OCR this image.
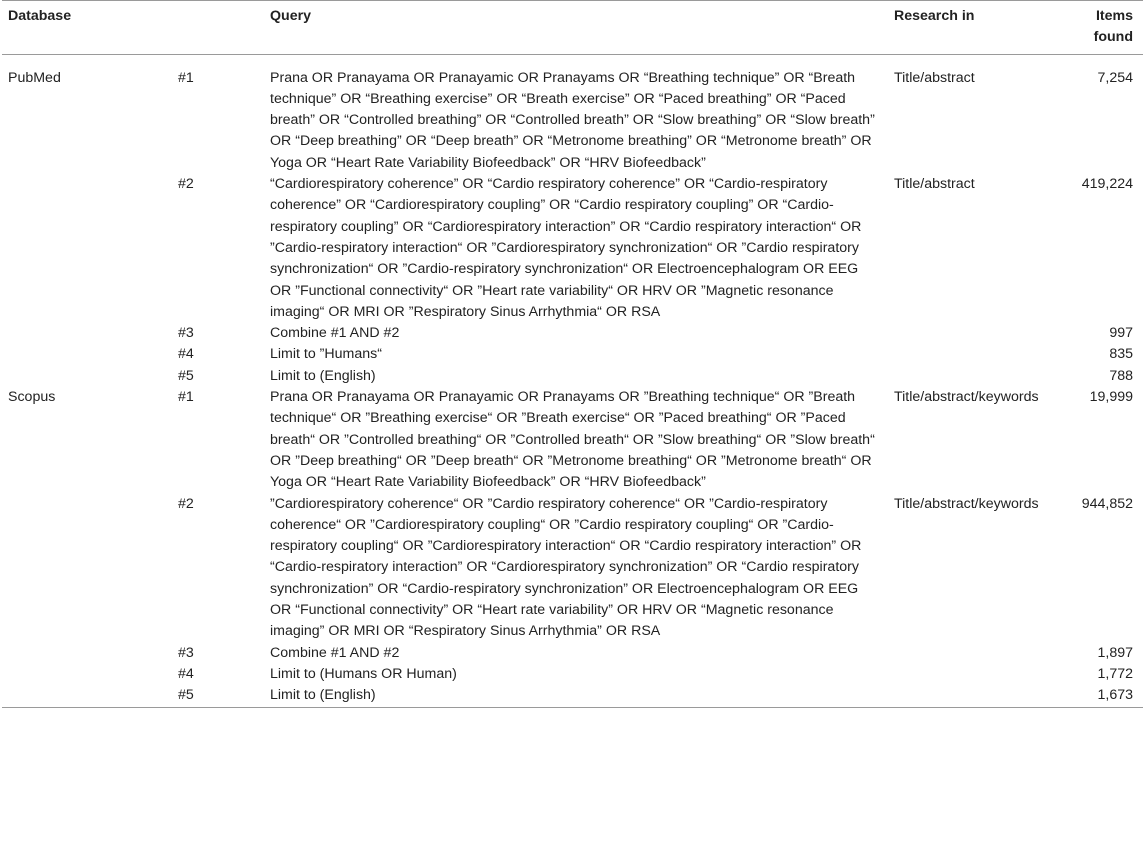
Database		Query	Research in	Items
found
PubMed	#1	Prana OR Pranayama OR Pranayamic OR Pranayams OR “Breathing technique” OR “Breath technique” OR “Breathing exercise” OR “Breath exercise” OR “Paced breathing” OR “Paced breath” OR “Controlled breathing” OR “Controlled breath” OR “Slow breathing” OR “Slow breath” OR “Deep breathing” OR “Deep breath” OR “Metronome breathing” OR “Metronome breath” OR Yoga OR “Heart Rate Variability Biofeedback” OR “HRV Biofeedback”	Title/abstract	7,254
	#2	“Cardiorespiratory coherence” OR “Cardio respiratory coherence” OR “Cardio-respiratory coherence” OR “Cardiorespiratory coupling” OR “Cardio respiratory coupling” OR “Cardio-respiratory coupling” OR “Cardiorespiratory interaction” OR “Cardio respiratory interaction“ OR ”Cardio-respiratory interaction“ OR ”Cardiorespiratory synchronization“ OR ”Cardio respiratory synchronization“ OR ”Cardio-respiratory synchronization“ OR Electroencephalogram OR EEG OR ”Functional connectivity“ OR ”Heart rate variability“ OR HRV OR ”Magnetic resonance imaging“ OR MRI OR ”Respiratory Sinus Arrhythmia“ OR RSA	Title/abstract	419,224
	#3	Combine #1 AND #2		997
	#4	Limit to ”Humans“		835
	#5	Limit to (English)		788
Scopus	#1	Prana OR Pranayama OR Pranayamic OR Pranayams OR ”Breathing technique“ OR ”Breath technique“ OR ”Breathing exercise“ OR ”Breath exercise“ OR ”Paced breathing“ OR ”Paced breath“ OR ”Controlled breathing“ OR ”Controlled breath“ OR ”Slow breathing“ OR ”Slow breath“ OR ”Deep breathing“ OR ”Deep breath“ OR ”Metronome breathing“ OR ”Metronome breath“ OR Yoga OR “Heart Rate Variability Biofeedback” OR “HRV Biofeedback”	Title/abstract/keywords	19,999
	#2	”Cardiorespiratory coherence“ OR ”Cardio respiratory coherence“ OR ”Cardio-respiratory coherence“ OR ”Cardiorespiratory coupling“ OR ”Cardio respiratory coupling“ OR ”Cardio-respiratory coupling“ OR ”Cardiorespiratory interaction“ OR “Cardio respiratory interaction” OR “Cardio-respiratory interaction” OR “Cardiorespiratory synchronization” OR “Cardio respiratory synchronization” OR “Cardio-respiratory synchronization” OR Electroencephalogram OR EEG OR “Functional connectivity” OR “Heart rate variability” OR HRV OR “Magnetic resonance imaging” OR MRI OR “Respiratory Sinus Arrhythmia” OR RSA	Title/abstract/keywords	944,852
	#3	Combine #1 AND #2		1,897
	#4	Limit to (Humans OR Human)		1,772
	#5	Limit to (English)		1,673
